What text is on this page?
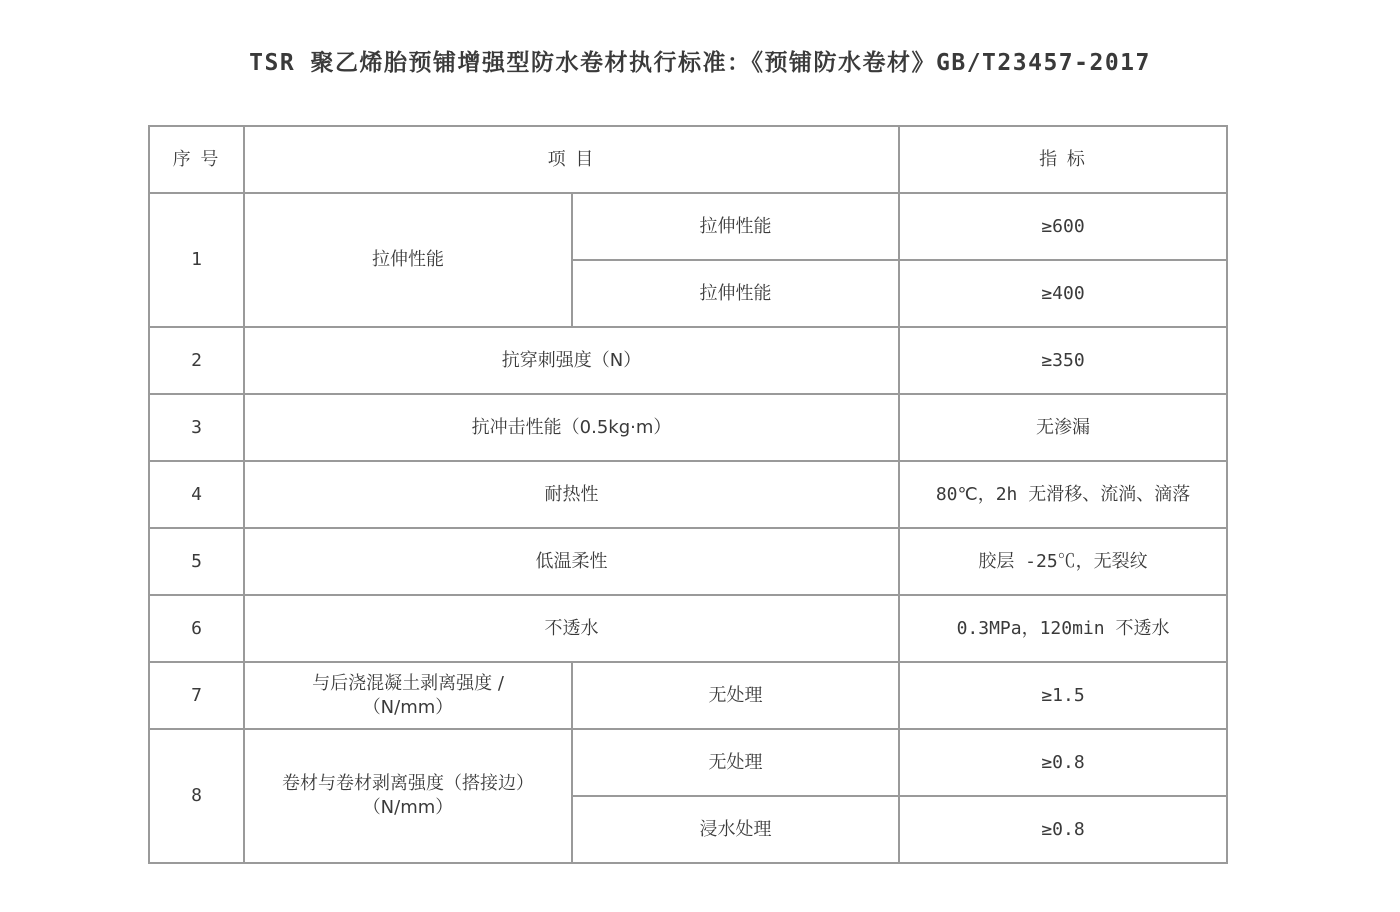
TSR 聚乙烯胎预铺增强型防水卷材执行标准：《预铺防水卷材》GB/T23457-2017
序 号	项 目		指 标
1	拉伸性能	拉伸性能	≥600
		拉伸性能	≥400
2	抗穿刺强度（N）		≥350
3	抗冲击性能（0.5kg·m）		无渗漏
4	耐热性		80℃，2h 无滑移、流淌、滴落
5	低温柔性		胶层 -25℃，无裂纹
6	不透水		0.3MPa，120min 不透水
7	与后浇混凝土剥离强度 /
（N/mm）	无处理	≥1.5
8	卷材与卷材剥离强度（搭接边）
（N/mm）	无处理	≥0.8
		浸水处理	≥0.8
